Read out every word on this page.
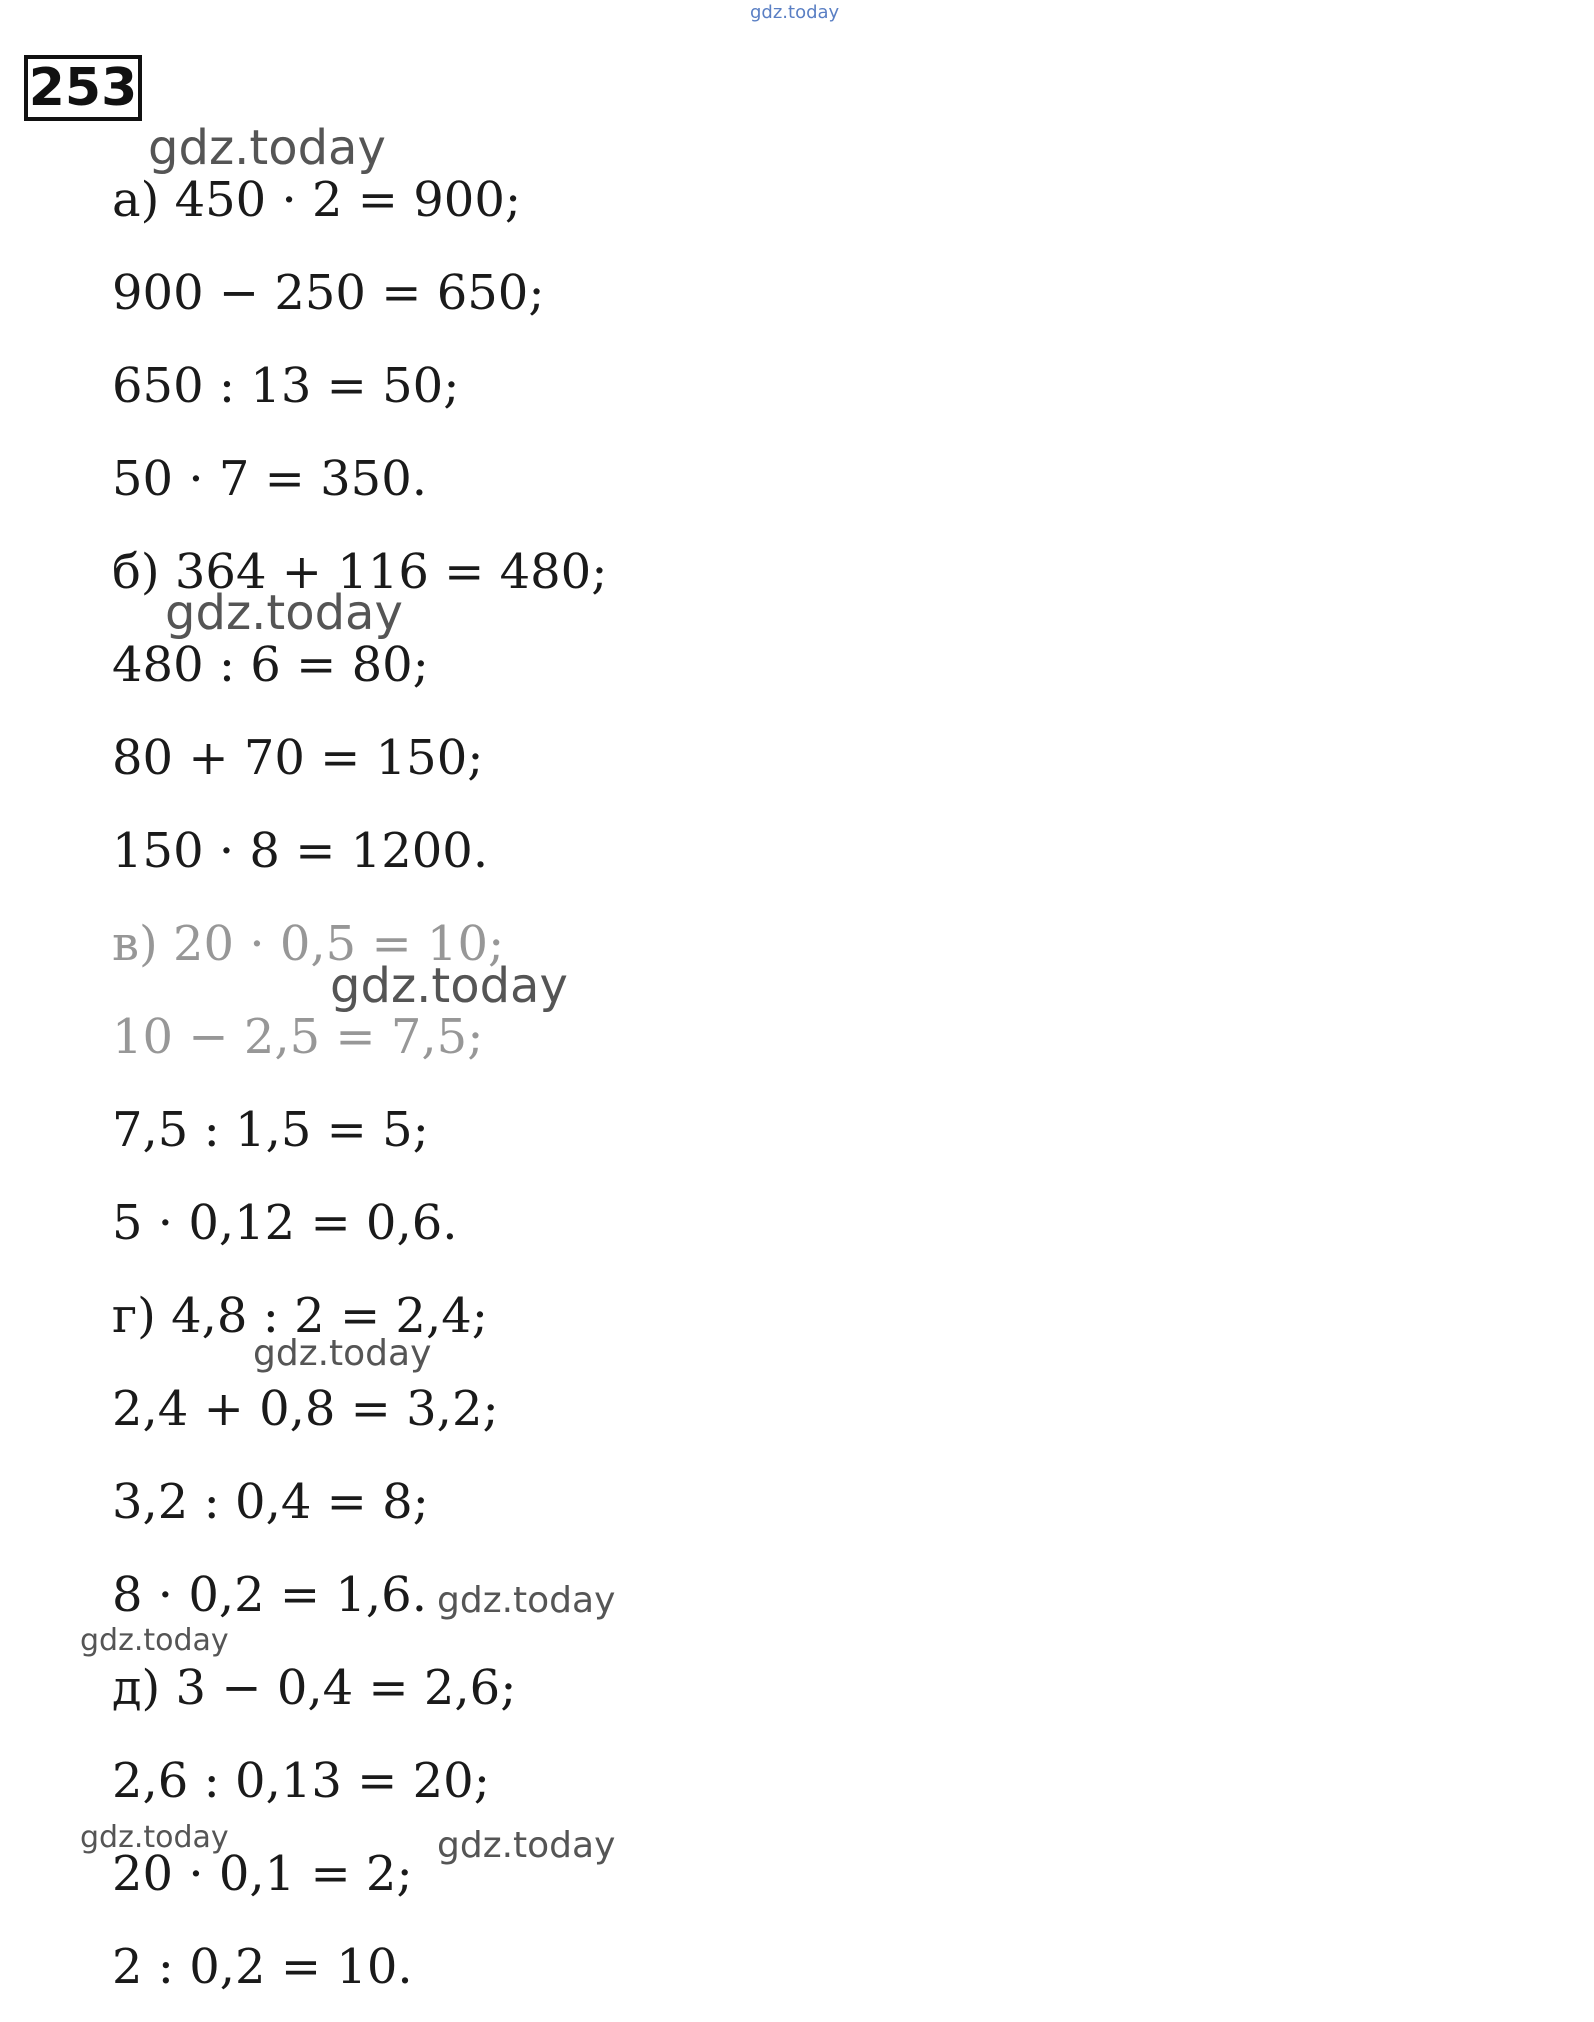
gdz.today
253
а) 450 · 2 = 900;
900 − 250 = 650;
650 : 13 = 50;
50 · 7 = 350.
б) 364 + 116 = 480;
480 : 6 = 80;
80 + 70 = 150;
150 · 8 = 1200.
в) 20 · 0,5 = 10;
10 − 2,5 = 7,5;
7,5 : 1,5 = 5;
5 · 0,12 = 0,6.
г) 4,8 : 2 = 2,4;
2,4 + 0,8 = 3,2;
3,2 : 0,4 = 8;
8 · 0,2 = 1,6.
д) 3 − 0,4 = 2,6;
2,6 : 0,13 = 20;
20 · 0,1 = 2;
2 : 0,2 = 10.
gdz.today
gdz.today
gdz.today
gdz.today
gdz.today
gdz.today
gdz.today	gdz.today
